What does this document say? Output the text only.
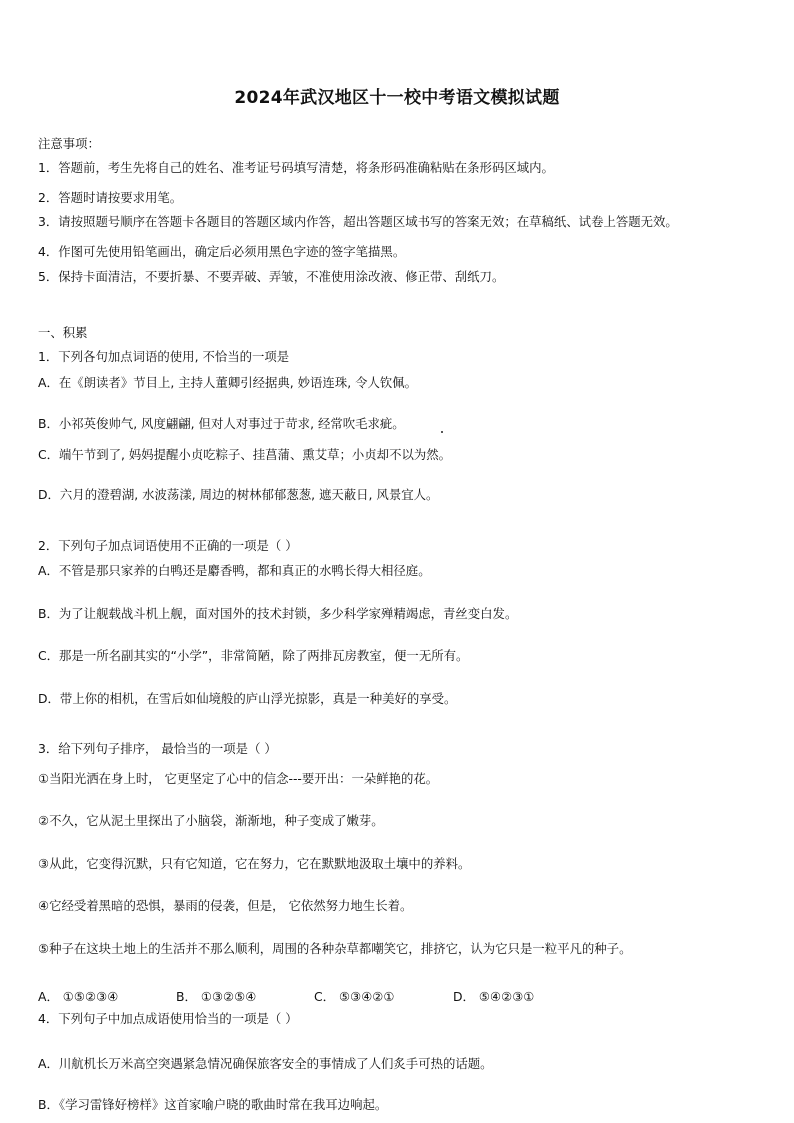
2024年武汉地区十一校中考语文模拟试题
注意事项：
1．答题前，考生先将自己的姓名、准考证号码填写清楚，将条形码准确粘贴在条形码区域内。
2．答题时请按要求用笔。
3．请按照题号顺序在答题卡各题目的答题区域内作答，超出答题区域书写的答案无效；在草稿纸、试卷上答题无效。
4．作图可先使用铅笔画出，确定后必须用黑色字迹的签字笔描黑。
5．保持卡面清洁，不要折暴、不要弄破、弄皱，不准使用涂改液、修正带、刮纸刀。
一、积累
1．下列各句加点词语的使用, 不恰当的一项是
A．在《朗读者》节目上, 主持人董卿引经据典, 妙语连珠, 令人钦佩。
B．小祁英俊帅气, 风度翩翩, 但对人对事过于苛求, 经常吹毛求疵。
C．端午节到了, 妈妈提醒小贞吃粽子、挂菖蒲、熏艾草；小贞却不以为然。
D．六月的澄碧湖, 水波荡漾, 周边的树林郁郁葱葱, 遮天蔽日, 风景宜人。
2．下列句子加点词语使用不正确的一项是（ ）
A．不管是那只家养的白鸭还是麝香鸭，都和真正的水鸭长得大相径庭。
B．为了让舰载战斗机上舰，面对国外的技术封锁，多少科学家殚精竭虑，青丝变白发。
C．那是一所名副其实的“小学”，非常简陋，除了两排瓦房教室，便一无所有。
D．带上你的相机，在雪后如仙境般的庐山浮光掠影，真是一种美好的享受。
3．给下列句子排序， 最恰当的一项是（ ）
①当阳光洒在身上时， 它更坚定了心中的信念---要开出：一朵鲜艳的花。
②不久，它从泥土里探出了小脑袋，渐渐地，种子变成了嫩芽。
③从此，它变得沉默，只有它知道，它在努力，它在默默地汲取土壤中的养料。
④它经受着黑暗的恐惧，暴雨的侵袭，但是， 它依然努力地生长着。
⑤种子在这块土地上的生活并不那么顺利，周围的各种杂草都嘲笑它，排挤它，认为它只是一粒平凡的种子。
A． ①⑤②③④	B． ①③②⑤④	C． ⑤③④②①	D． ⑤④②③①
4．下列句子中加点成语使用恰当的一项是（ ）
A．川航机长万米高空突遇紧急情况确保旅客安全的事情成了人们炙手可热的话题。
B．《学习雷锋好榜样》这首家喻户晓的歌曲时常在我耳边响起。
